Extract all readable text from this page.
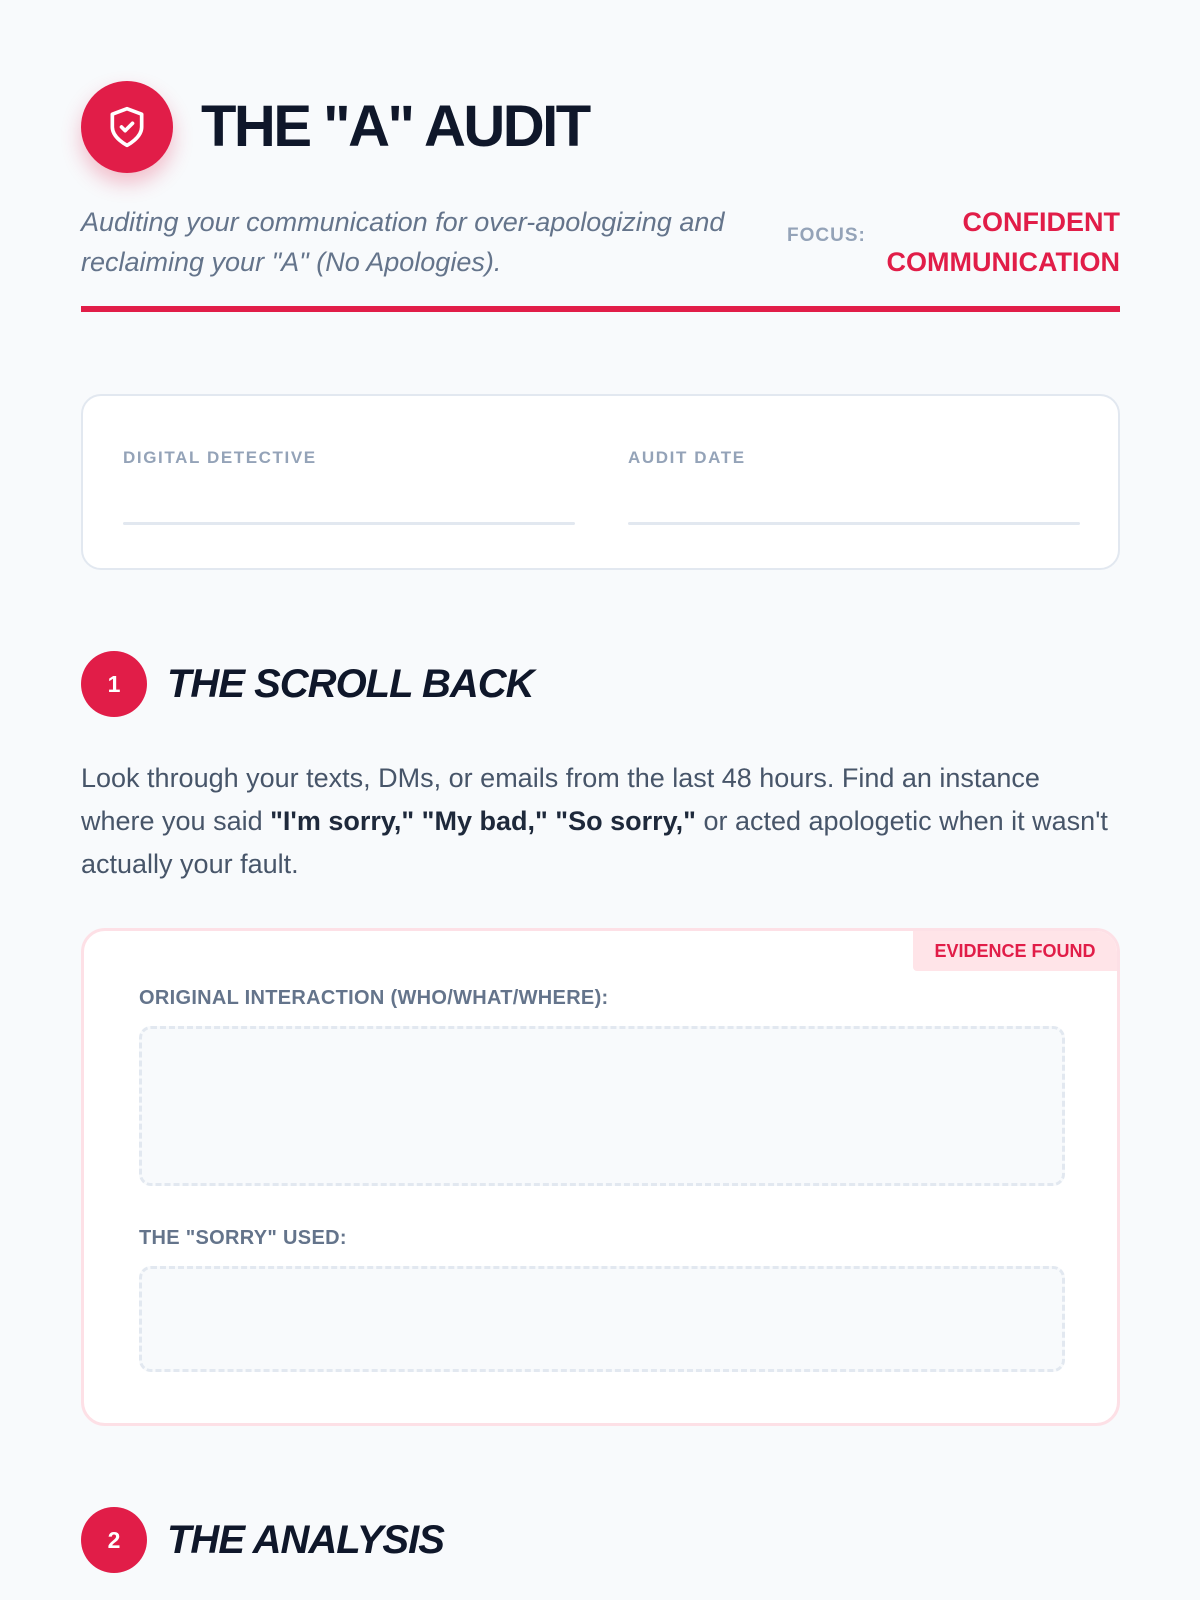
THE "A" AUDIT

Auditing your communication for over-apologizing and reclaiming your "A" (No Apologies).

FOCUS:	CONFIDENT COMMUNICATION
DIGITAL DETECTIVE	AUDIT DATE
1	THE SCROLL BACK

Look through your texts, DMs, or emails from the last 48 hours. Find an instance where you said "I'm sorry," "My bad," "So sorry," or acted apologetic when it wasn't actually your fault.

EVIDENCE FOUND
ORIGINAL INTERACTION (WHO/WHAT/WHERE):
THE "SORRY" USED:
2	THE ANALYSIS
